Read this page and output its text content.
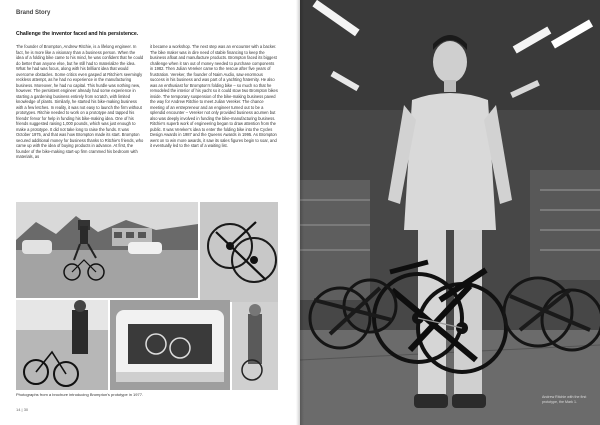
Brand Story
Challenge the inventor faced and his persistence.
The founder of Brompton, Andrew Ritchie, is a lifelong engineer. In fact, he is more like a visionary than a business person. When the idea of a folding bike came to his mind, he was confident that he could do better than anyone else, but he still had to materialize the idea. What he had was focus, along with his brilliant idea that would overcome obstacles. Some critics even gasped at Ritchie's seemingly reckless attempt, as he had no experience in the manufacturing business. Moreover, he had no capital. This hurdle was nothing new, however. The persistent engineer already had some experience in starting a gardening business entirely from scratch, with limited knowledge of plants. Similarly, he started his bike-making business with a few letches. In reality, it was not easy to launch the firm without prototypes. Ritchie needed to work on a prototype and tapped his friends' fervor for help in funding his bike-making idea. One of his friends suggested raising 1,000 pounds, which was just enough to make a prototype. It did not take long to raise the funds. It was October 1975, and that was how Brompton made its start. Brompton secured additional money for business thanks to Ritchie's friends, who came up with the idea of buying products in advance. At first, the founder of the bike-making start-up firm crammed his bedroom with materials, as
it became a workshop. The next step was an encounter with a backer. The bike maker was in dire need of stable financing to keep the business afloat and manufacture products. Brompton faced its biggest challenge when it ran out of money needed to purchase components in 1982. Then Julian Vereker came to the rescue after five years of frustration. Vereker, the founder of Naim Audio, saw enormous success in his business and was part of a yachting fraternity. He also was an enthusiast for Brompton's folding bike – so much so that he remodeled the interior of his yacht so it could stow two Brompton bikes inside. The temporary suspension of the bike-making business paved the way for Andrew Ritchie to meet Julian Vereker. The chance meeting of an entrepreneur and an engineer turned out to be a splendid encounter – Vereker not only provided business acumen but also was deeply involved in funding the bike-manufacturing business. Ritchie's superb work of engineering began to draw attention from the public. It was Vereker's idea to enter the folding bike into the Cycles Design Awards in 1987 and the Queens Awards in 1995. As Brompton went on to win more awards, it saw its sales figures begin to soar, and it eventually led to the start of a waiting list.
Photographs from a brochure introducing Brompton's prototype in 1977.
14 | 30
Andrew Ritchie with the first prototype, the Mark 1.
